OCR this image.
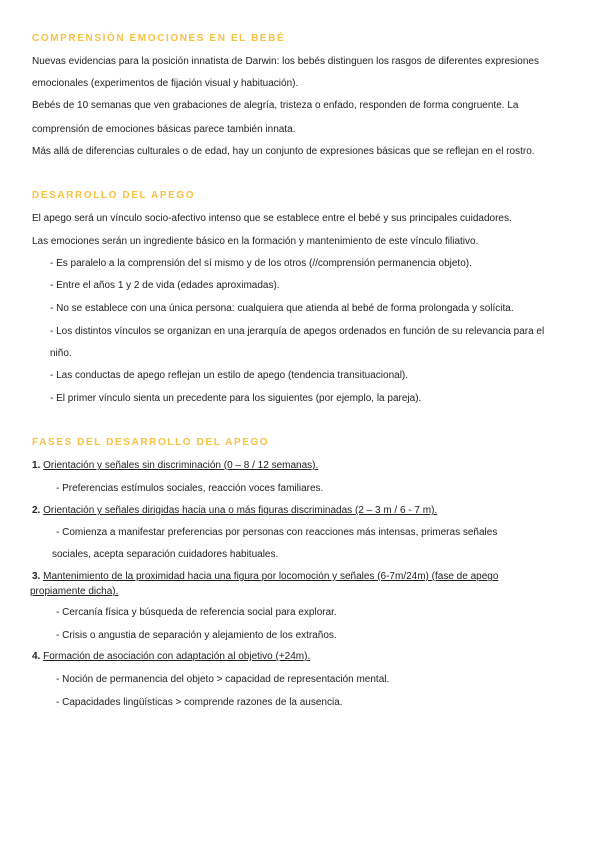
COMPRENSIÓN EMOCIONES EN EL BEBÉ

Nuevas evidencias para la posición innatista de Darwin: los bebés distinguen los rasgos de diferentes expresiones

emocionales (experimentos de fijación visual y habituación).

Bebés de 10 semanas que ven grabaciones de alegría, tristeza o enfado, responden de forma congruente. La

comprensión de emociones básicas parece también innata.

Más allá de diferencias culturales o de edad, hay un conjunto de expresiones básicas que se reflejan en el rostro.

DESARROLLO DEL APEGO

El apego será un vínculo socio-afectivo intenso que se establece entre el bebé y sus principales cuidadores.

Las emociones serán un ingrediente básico en la formación y mantenimiento de este vínculo filiativo.

- Es paralelo a la comprensión del sí mismo y de los otros (//comprensión permanencia objeto).

- Entre el años 1 y 2 de vida (edades aproximadas).

- No se establece con una única persona: cualquiera que atienda al bebé de forma prolongada y solícita.

- Los distintos vínculos se organizan en una jerarquía de apegos ordenados en función de su relevancia para el

niño.

- Las conductas de apego reflejan un estilo de apego (tendencia transituacional).

- El primer vínculo sienta un precedente para los siguientes (por ejemplo, la pareja).

FASES DEL DESARROLLO DEL APEGO

1. Orientación y señales sin discriminación (0 – 8 / 12 semanas).

- Preferencias estímulos sociales, reacción voces familiares.

2. Orientación y señales dirigidas hacia una o más figuras discriminadas (2 – 3 m / 6 - 7 m).

- Comienza a manifestar preferencias por personas con reacciones más intensas, primeras señales

sociales, acepta separación cuidadores habituales.

3. Mantenimiento de la proximidad hacia una figura por locomoción y señales (6-7m/24m) (fase de apego

propiamente dicha).

- Cercanía física y búsqueda de referencia social para explorar.

- Crisis o angustia de separación y alejamiento de los extraños.

4. Formación de asociación con adaptación al objetivo (+24m).

- Noción de permanencia del objeto > capacidad de representación mental.

- Capacidades lingüísticas > comprende razones de la ausencia.
